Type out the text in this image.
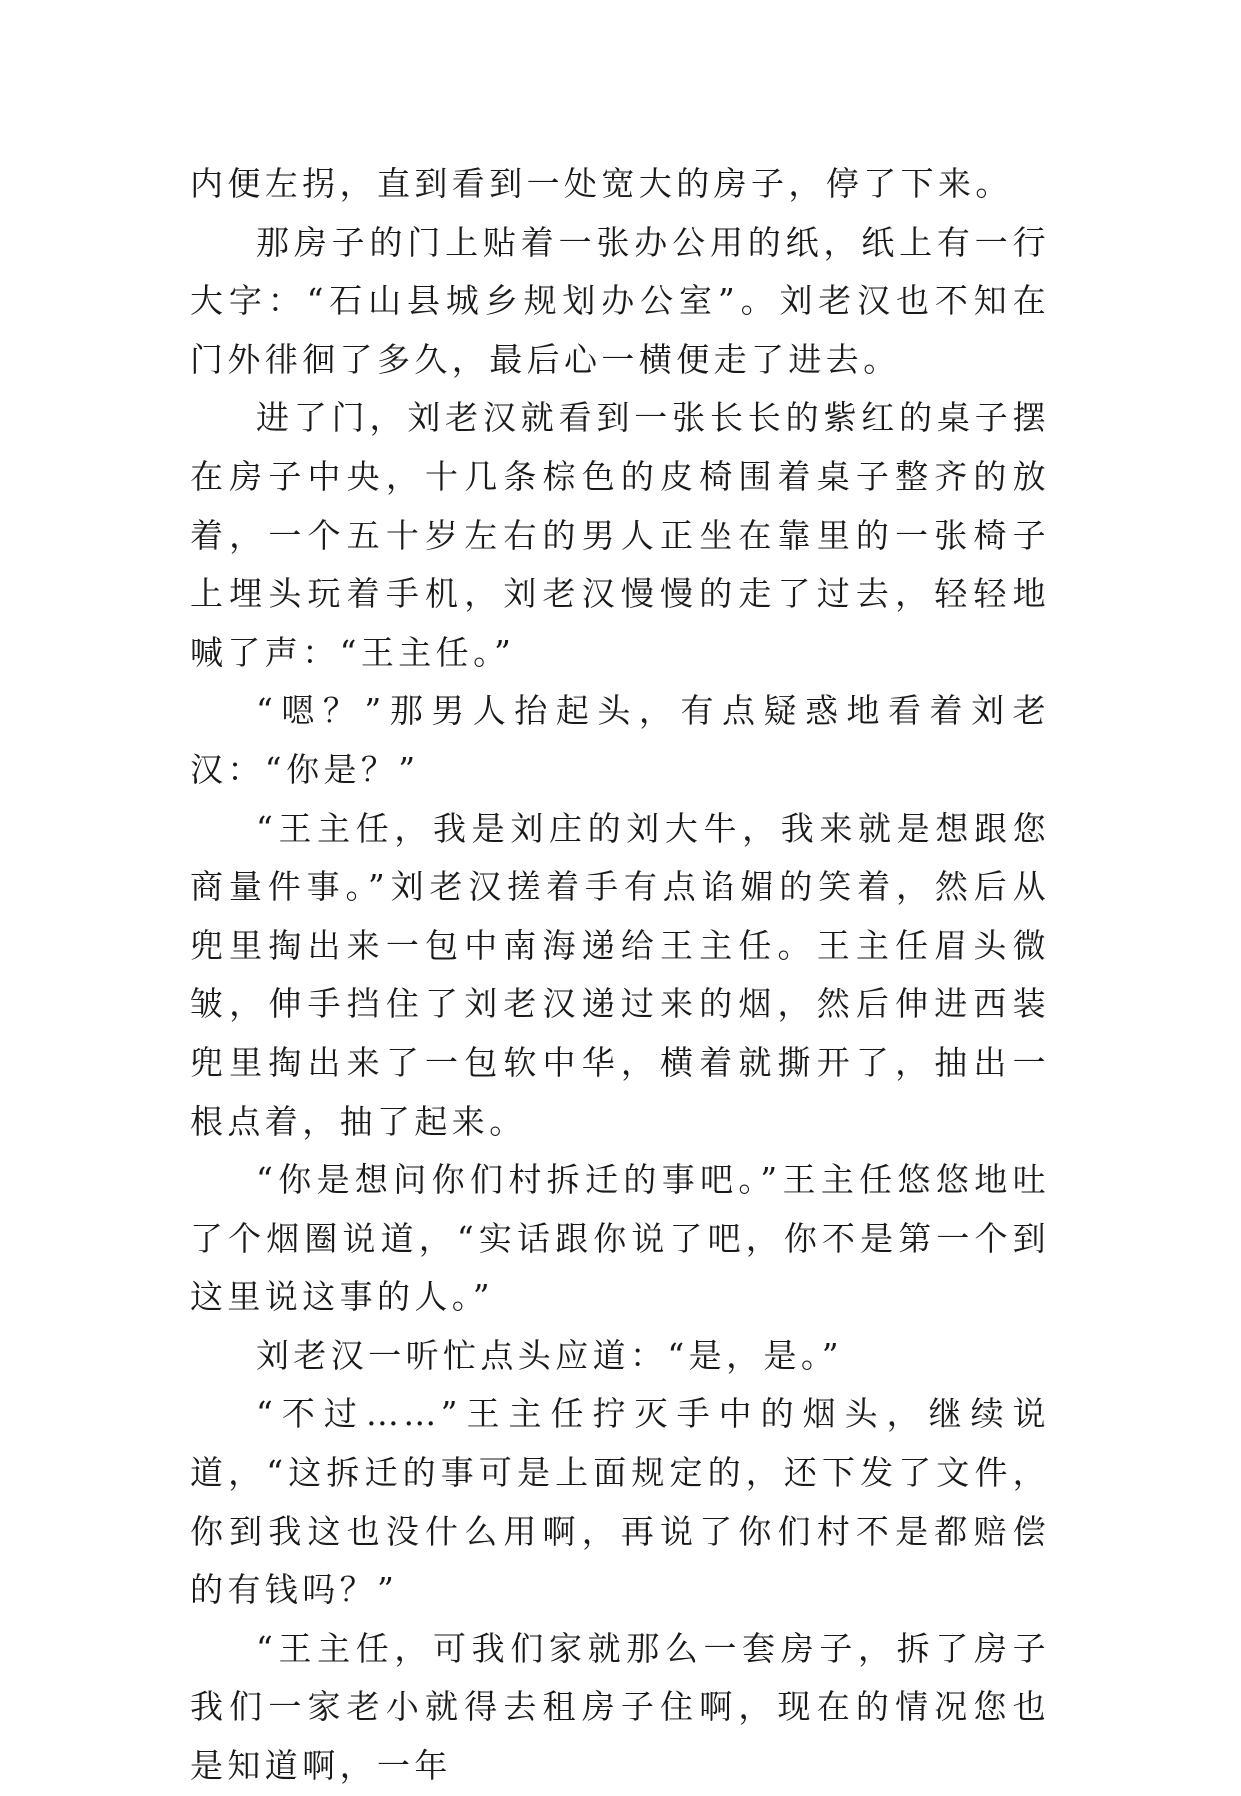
内便左拐，直到看到一处宽大的房子，停了下来。

那房子的门上贴着一张办公用的纸，纸上有一行大字：“石山县城乡规划办公室”。刘老汉也不知在门外徘徊了多久，最后心一横便走了进去。

进了门，刘老汉就看到一张长长的紫红的桌子摆在房子中央，十几条棕色的皮椅围着桌子整齐的放着，一个五十岁左右的男人正坐在靠里的一张椅子上埋头玩着手机，刘老汉慢慢的走了过去，轻轻地喊了声：“王主任。”

“嗯？”那男人抬起头，有点疑惑地看着刘老汉：“你是？”

“王主任，我是刘庄的刘大牛，我来就是想跟您商量件事。”刘老汉搓着手有点谄媚的笑着，然后从兜里掏出来一包中南海递给王主任。王主任眉头微皱，伸手挡住了刘老汉递过来的烟，然后伸进西装兜里掏出来了一包软中华，横着就撕开了，抽出一根点着，抽了起来。

“你是想问你们村拆迁的事吧。”王主任悠悠地吐了个烟圈说道，“实话跟你说了吧，你不是第一个到这里说这事的人。”

刘老汉一听忙点头应道：“是，是。”

“不过……”王主任拧灭手中的烟头，继续说道，“这拆迁的事可是上面规定的，还下发了文件，你到我这也没什么用啊，再说了你们村不是都赔偿的有钱吗？”

“王主任，可我们家就那么一套房子，拆了房子我们一家老小就得去租房子住啊，现在的情况您也是知道啊，一年
